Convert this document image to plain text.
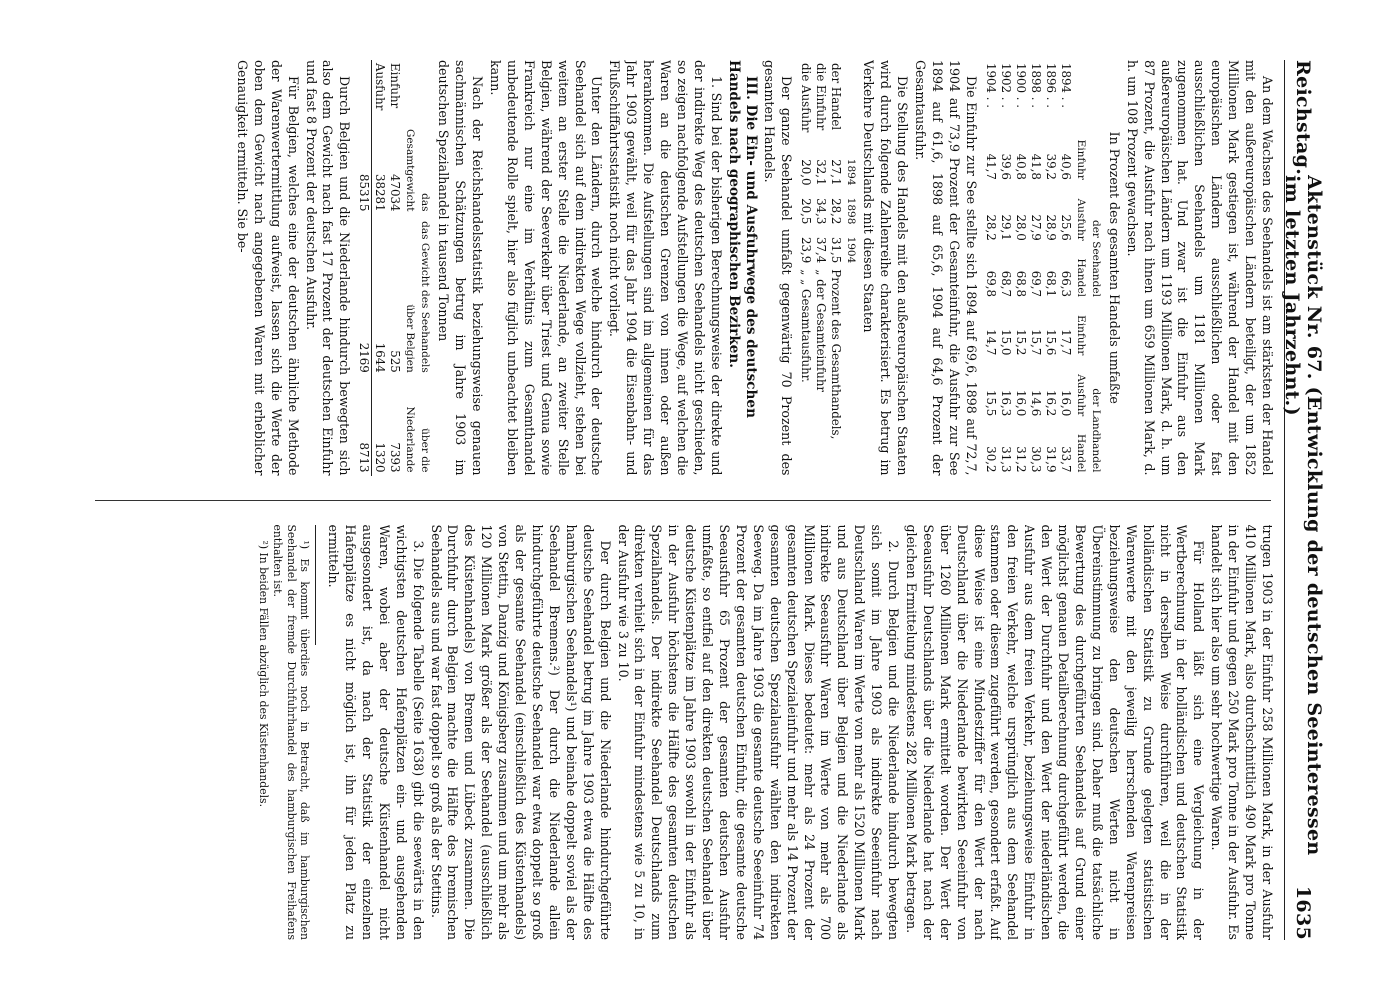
Reichstag.
Aktenstück Nr. 67. (Entwicklung der deutschen Seeinteressen im letzten Jahrzehnt.)
1635

An dem Wachsen des Seehandels ist am stärksten der Handel mit den außereuropäischen Ländern beteiligt, der um 1852 Millionen Mark gestiegen ist, während der Handel mit den europäischen Ländern ausschließlichen oder fast ausschließlichen Seehandels um 1181 Millionen Mark zugenommen hat. Und zwar ist die Einfuhr aus den außereuropäischen Ländern um 1193 Millionen Mark, d. h. um 87 Prozent, die Ausfuhr nach ihnen um 659 Millionen Mark, d. h. um 108 Prozent gewachsen.

In Prozent des gesamten Handels umfaßte

	der Seehandel			der Landhandel		
	Einfuhr	Ausfuhr	Handel	Einfuhr	Ausfuhr	Handel
1894 . .	40,6	25,6	66,3	17,7	16,0	33,7
1896 . .	39,2	28,9	68,1	15,6	16,2	31,9
1898 . .	41,8	27,9	69,7	15,7	14,6	30,3
1900 . .	40,8	28,0	68,8	15,2	16,0	31,2
1902 . .	39,6	29,1	68,7	15,0	16,3	31,3
1904 . .	41,7	28,2	69,8	14,7	15,5	30,2

Die Einfuhr zur See stellte sich 1894 auf 69,6, 1898 auf 72,7, 1904 auf 73,9 Prozent der Gesamteinfuhr, die Ausfuhr zur See 1894 auf 61,6, 1898 auf 65,6, 1904 auf 64,6 Prozent der Gesamtausfuhr.

Die Stellung des Handels mit den außereuropäischen Staaten wird durch folgende Zahlenreihe charakterisiert. Es betrug im Verkehre Deutschlands mit diesen Staaten

	1894	1898	1904	
der Handel	27,1	28,2	31,5	Prozent des Gesamthandels,
die Einfuhr	32,1	34,3	37,4	„ der Gesamteinfuhr
die Ausfuhr	20,0	20,5	23,9	„ „ Gesamtausfuhr.

Der ganze Seehandel umfaßt gegenwärtig 70 Prozent des gesamten Handels.

III. Die Ein- und Ausfuhrwege des deutschen Handels nach geographischen Bezirken.

1. Sind bei der bisherigen Berechnungsweise der direkte und der indirekte Weg des deutschen Seehandels nicht geschieden, so zeigen nachfolgende Aufstellungen die Wege, auf welchen die Waren an die deutschen Grenzen von innen oder außen herankommen. Die Aufstellungen sind im allgemeinen für das Jahr 1903 gewählt, weil für das Jahr 1904 die Eisenbahn- und Flußschiffahrtsstatistik noch nicht vorliegt.

Unter den Ländern, durch welche hindurch der deutsche Seehandel sich auf dem indirekten Wege vollzieht, stehen bei weitem an erster Stelle die Niederlande, an zweiter Stelle Belgien, während der Seeverkehr über Triest und Genua sowie Frankreich nur eine im Verhältnis zum Gesamthandel unbedeutende Rolle spielt, hier also füglich unbeachtet bleiben kann.

Nach der Reichshandelsstatistik beziehungsweise genauen sachmännischen Schätzungen betrug im Jahre 1903 im deutschen Spezialhandel in tausend Tonnen

	das Gesamtgewicht	das Gewicht des Seehandels über Belgien	über die Niederlande
Einfuhr	47034	525	7393
Ausfuhr	38281	1644	1320
	85315	2169	8713

Durch Belgien und die Niederlande hindurch bewegten sich also dem Gewicht nach fast 17 Prozent der deutschen Einfuhr und fast 8 Prozent der deutschen Ausfuhr.

Für Belgien, welches eine der deutschen ähnliche Methode der Warenwertermittlung aufweist, lassen sich die Werte der oben dem Gewicht nach angegebenen Waren mit erheblicher Genauigkeit ermitteln. Sie be-

trugen 1903 in der Einfuhr 258 Millionen Mark, in der Ausfuhr 410 Millionen Mark, also durchschnittlich 490 Mark pro Tonne in der Einfuhr und gegen 250 Mark pro Tonne in der Ausfuhr. Es handelt sich hier also um sehr hochwertige Waren.

Für Holland läßt sich eine Vergleichung in der Wertberechnung in der holländischen und deutschen Statistik nicht in derselben Weise durchführen, weil die in der holländischen Statistik zu Grunde gelegten statistischen Warenwerte mit den jeweilig herrschenden Warenpreisen beziehungsweise den deutschen Werten nicht in Übereinstimmung zu bringen sind. Daher muß die tatsächliche Bewertung des durchgeführten Seehandels auf Grund einer möglichst genauen Detailberechnung durchgeführt werden, die den Wert der Durchfuhr und den Wert der niederländischen Ausfuhr aus dem freien Verkehr, beziehungsweise Einfuhr in den freien Verkehr, welche ursprünglich aus dem Seehandel stammen oder diesem zugeführt werden, gesondert erfaßt. Auf diese Weise ist eine Mindestziffer für den Wert der nach Deutschland über die Niederlande bewirkten Seeeinfuhr von über 1260 Millionen Mark ermittelt worden. Der Wert der Seeausfuhr Deutschlands über die Niederlande hat nach der gleichen Ermittelung mindestens 282 Millionen Mark betragen.

2. Durch Belgien und die Niederlande hindurch bewegten sich somit im Jahre 1903 als indirekte Seeeinfuhr nach Deutschland Waren im Werte von mehr als 1520 Millionen Mark und aus Deutschland über Belgien und die Niederlande als indirekte Seeausfuhr Waren im Werte von mehr als 700 Millionen Mark. Dieses bedeutet: mehr als 24 Prozent der gesamten deutschen Spezialeinfuhr und mehr als 14 Prozent der gesamten deutschen Spezialausfuhr wählten den indirekten Seeweg. Da im Jahre 1903 die gesamte deutsche Seeeinfuhr 74 Prozent der gesamten deutschen Einfuhr, die gesamte deutsche Seeausfuhr 65 Prozent der gesamten deutschen Ausfuhr umfaßte, so entfiel auf den direkten deutschen Seehandel über deutsche Küstenplätze im Jahre 1903 sowohl in der Einfuhr als in der Ausfuhr höchstens die Hälfte des gesamten deutschen Spezialhandels. Der indirekte Seehandel Deutschlands zum direkten verhielt sich in der Einfuhr mindestens wie 5 zu 10, in der Ausfuhr wie 3 zu 10.

Der durch Belgien und die Niederlande hindurchgeführte deutsche Seehandel betrug im Jahre 1903 etwa die Hälfte des hamburgischen Seehandels¹) und beinahe doppelt soviel als der Seehandel Bremens.²) Der durch die Niederlande allein hindurchgeführte deutsche Seehandel war etwa doppelt so groß als der gesamte Seehandel (einschließlich des Küstenhandels) von Stettin, Danzig und Königsberg zusammen und um mehr als 120 Millionen Mark größer als der Seehandel (ausschließlich des Küstenhandels) von Bremen und Lübeck zusammen. Die Durchfuhr durch Belgien machte die Hälfte des bremischen Seehandels aus und war fast doppelt so groß als der Stettins.

3. Die folgende Tabelle (Seite 1638) gibt die seewärts in den wichtigsten deutschen Hafenplätzen ein- und ausgehenden Waren, wobei aber der deutsche Küstenhandel nicht ausgesondert ist, da nach der Statistik der einzelnen Hafenplätze es nicht möglich ist, ihn für jeden Platz zu ermitteln.

¹) Es kommt überdies noch in Betracht, daß im hamburgischen Seehandel der fremde Durchfuhrhandel des hamburgischen Freihafens enthalten ist.

²) In beiden Fällen abzüglich des Küstenhandels.
